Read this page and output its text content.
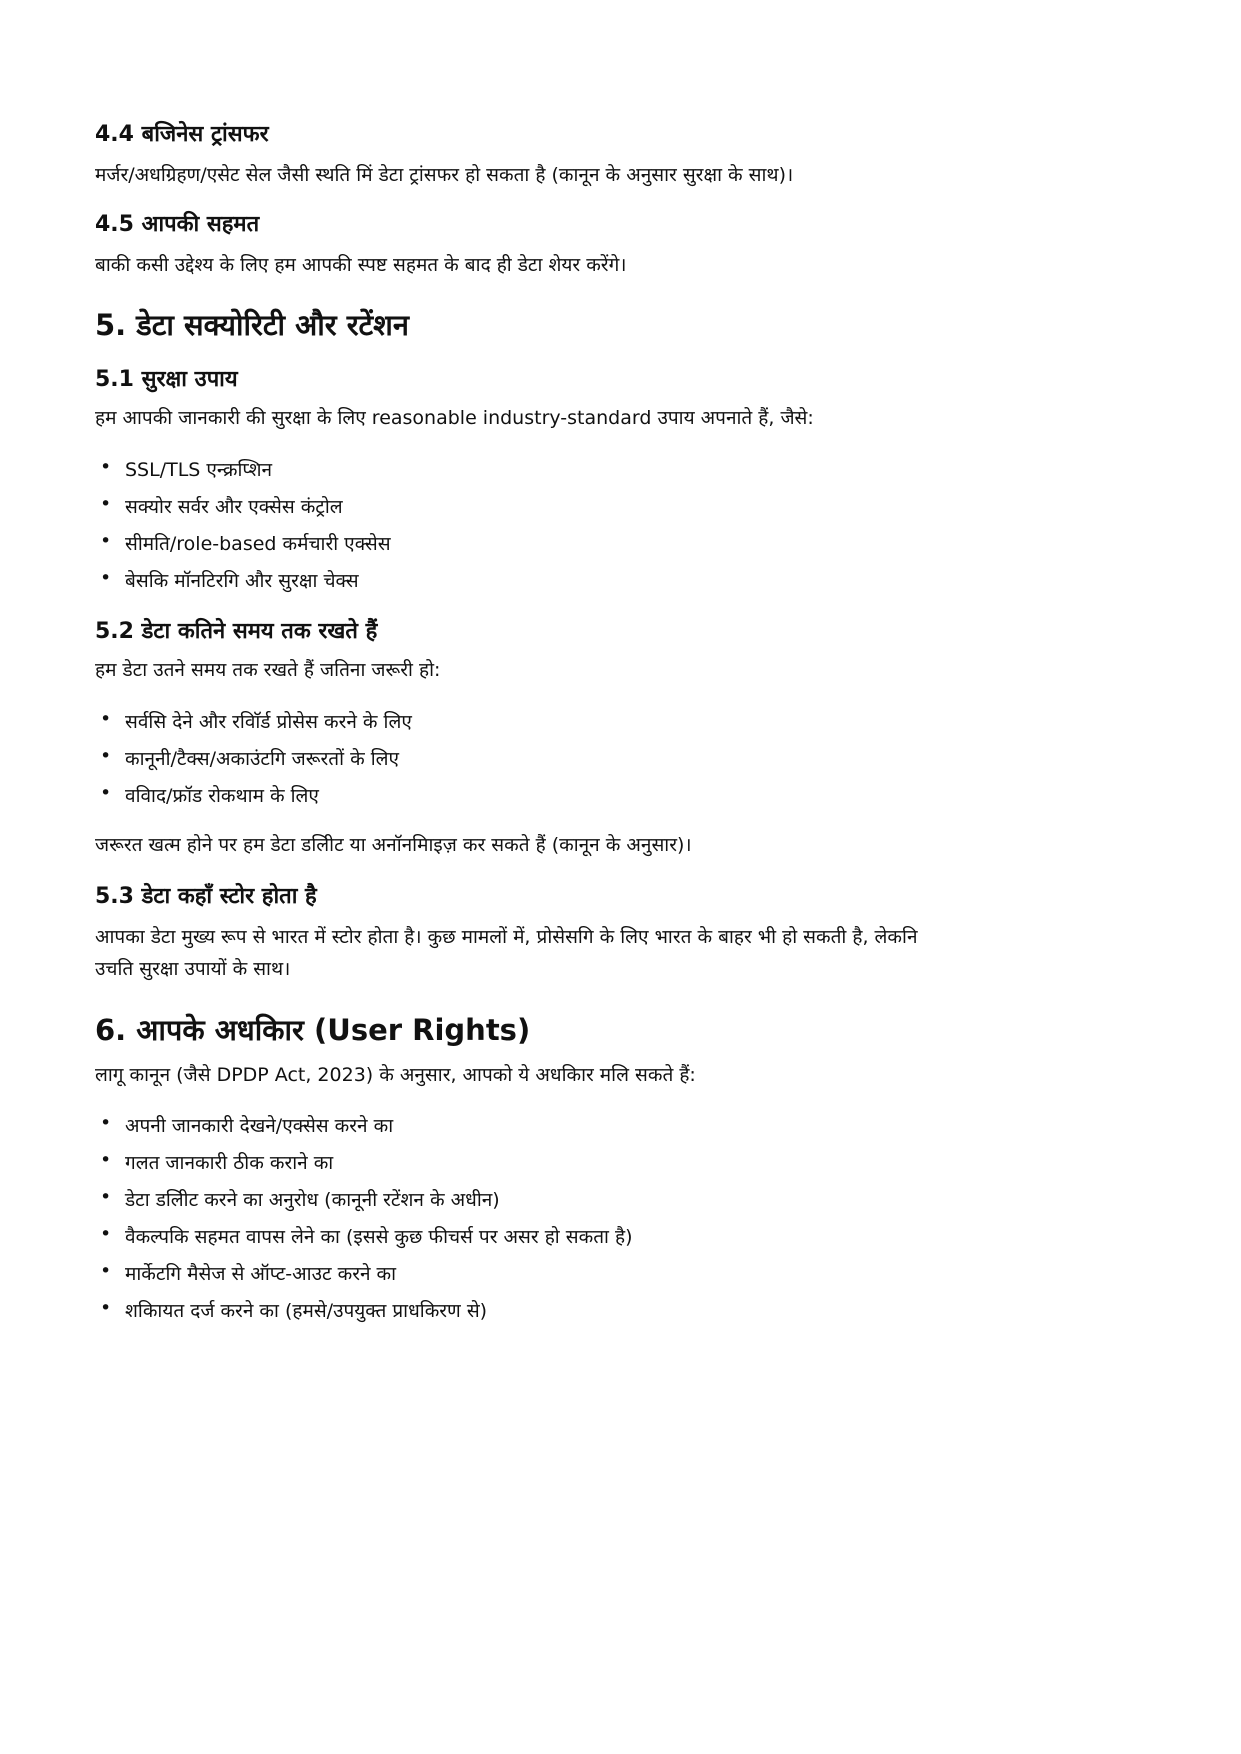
4.4 बजिनेस ट्रांसफर
मर्जर/अधग्रिहण/एसेट सेल जैसी स्थति मिं डेटा ट्रांसफर हो सकता है (कानून के अनुसार सुरक्षा के साथ)।
4.5 आपकी सहमत
बाकी कसी उद्देश्य के लिए हम आपकी स्पष्ट सहमत के बाद ही डेटा शेयर करेंगे।
5. डेटा सक्योरिटी और रटेंशन
5.1 सुरक्षा उपाय
हम आपकी जानकारी की सुरक्षा के लिए reasonable industry-standard उपाय अपनाते हैं, जैसे:
• SSL/TLS एन्क्रप्शिन
• सक्योर सर्वर और एक्सेस कंट्रोल
• सीमति/role-based कर्मचारी एक्सेस
• बेसकि मॉनटिरगि और सुरक्षा चेक्स
5.2 डेटा कतिने समय तक रखते हैं
हम डेटा उतने समय तक रखते हैं जतिना जरूरी हो:
• सर्वसि देने और रवािॅर्ड प्रोसेस करने के लिए
• कानूनी/टैक्स/अकाउंटगि जरूरतों के लिए
• ववािद/फ्रॉड रोकथाम के लिए
जरूरत खत्म होने पर हम डेटा डलिीट या अनॉनमिाइज़ कर सकते हैं (कानून के अनुसार)।
5.3 डेटा कहाँ स्टोर होता है
आपका डेटा मुख्य रूप से भारत में स्टोर होता है। कुछ मामलों में, प्रोसेसगि के लिए भारत के बाहर भी हो सकती है, लेकनि
उचति सुरक्षा उपायों के साथ।
6. आपके अधकिार (User Rights)
लागू कानून (जैसे DPDP Act, 2023) के अनुसार, आपको ये अधकिार मलि सकते हैं:
• अपनी जानकारी देखने/एक्सेस करने का
• गलत जानकारी ठीक कराने का
• डेटा डलिीट करने का अनुरोध (कानूनी रटेंशन के अधीन)
• वैकल्पकि सहमत वापस लेने का (इससे कुछ फीचर्स पर असर हो सकता है)
• मार्केटगि मैसेज से ऑप्ट-आउट करने का
• शकिायत दर्ज करने का (हमसे/उपयुक्त प्राधकिरण से)
